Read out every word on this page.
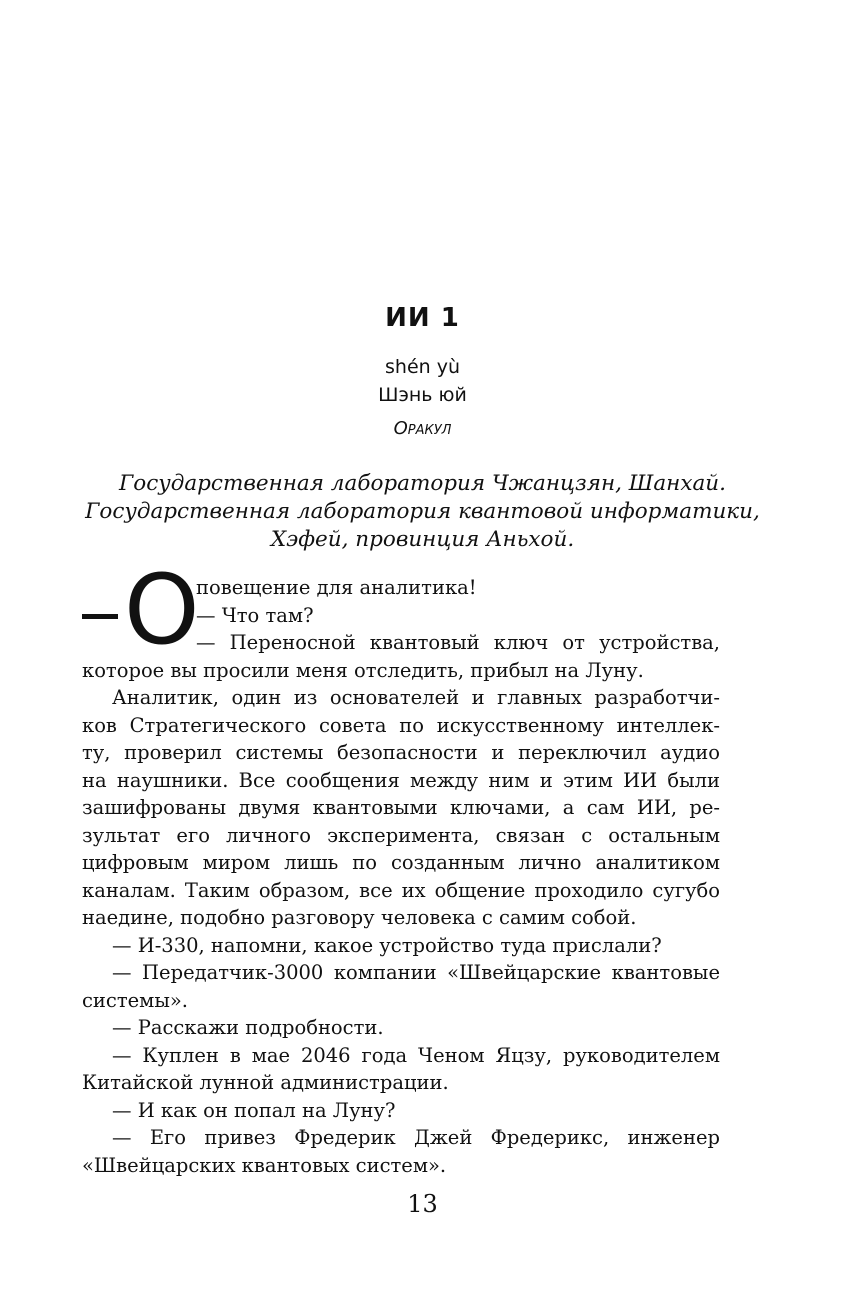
ИИ 1
shén yù
Шэнь юй
Оракул
Государственная лаборатория Чжанцзян, Шанхай.
Государственная лаборатория квантовой информатики,
Хэфей, провинция Аньхой.
О
повещение для аналитика!
— Что там?
— Переносной квантовый ключ от устройства,
которое вы просили меня отследить, прибыл на Луну.
Аналитик, один из основателей и главных разработчи-
ков Стратегического совета по искусственному интеллек-
ту, проверил системы безопасности и переключил аудио
на наушники. Все сообщения между ним и этим ИИ были
зашифрованы двумя квантовыми ключами, а сам ИИ, ре-
зультат его личного эксперимента, связан с остальным
цифровым миром лишь по созданным лично аналитиком
каналам. Таким образом, все их общение проходило сугубо
наедине, подобно разговору человека с самим собой.
— И-330, напомни, какое устройство туда прислали?
— Передатчик-3000 компании «Швейцарские квантовые
системы».
— Расскажи подробности.
— Куплен в мае 2046 года Ченом Яцзу, руководителем
Китайской лунной администрации.
— И как он попал на Луну?
— Его привез Фредерик Джей Фредерикс, инженер
«Швейцарских квантовых систем».
13
